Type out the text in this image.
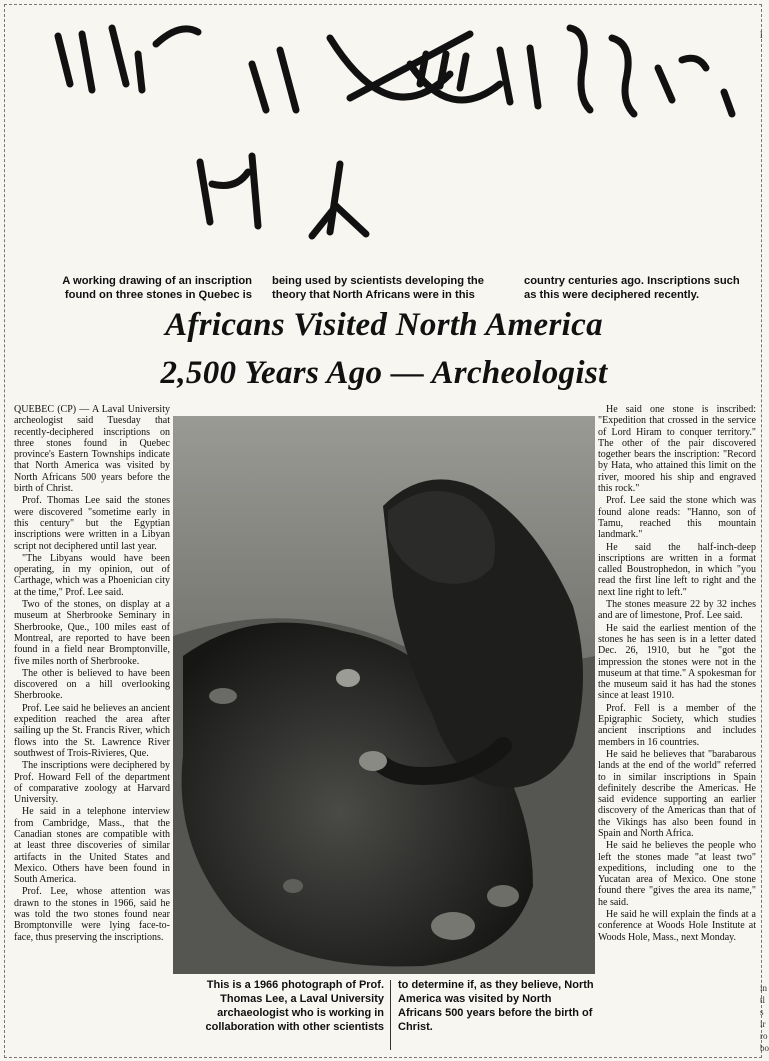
A working drawing of an inscription found on three stones in Quebec is
being used by scientists developing the theory that North Africans were in this
country centuries ago. Inscriptions such as this were deciphered recently.
Africans Visited North America
2,500 Years Ago — Archeologist

QUEBEC (CP) — A Laval University archeologist said Tuesday that recently-deciphered inscriptions on three stones found in Quebec province's Eastern Townships indicate that North America was visited by North Africans 500 years before the birth of Christ.

Prof. Thomas Lee said the stones were discovered "sometime early in this century" but the Egyptian inscriptions were written in a Libyan script not deciphered until last year.

"The Libyans would have been operating, in my opinion, out of Carthage, which was a Phoenician city at the time," Prof. Lee said.

Two of the stones, on display at a museum at Sherbrooke Seminary in Sherbrooke, Que., 100 miles east of Montreal, are reported to have been found in a field near Bromptonville, five miles north of Sherbrooke.

The other is believed to have been discovered on a hill overlooking Sherbrooke.

Prof. Lee said he believes an ancient expedition reached the area after sailing up the St. Francis River, which flows into the St. Lawrence River southwest of Trois-Rivieres, Que.

The inscriptions were deciphered by Prof. Howard Fell of the department of comparative zoology at Harvard University.

He said in a telephone interview from Cambridge, Mass., that the Canadian stones are compatible with at least three discoveries of similar artifacts in the United States and Mexico. Others have been found in South America.

Prof. Lee, whose attention was drawn to the stones in 1966, said he was told the two stones found near Bromptonville were lying face-to-face, thus preserving the inscriptions.

This is a 1966 photograph of Prof. Thomas Lee, a Laval University archaeologist who is working in collaboration with other scientists
to determine if, as they believe, North America was visited by North Africans 500 years before the birth of Christ.

He said one stone is inscribed: "Expedition that crossed in the service of Lord Hiram to conquer territory." The other of the pair discovered together bears the inscription: "Record by Hata, who attained this limit on the river, moored his ship and engraved this rock."

Prof. Lee said the stone which was found alone reads: "Hanno, son of Tamu, reached this mountain landmark."

He said the half-inch-deep inscriptions are written in a format called Boustrophedon, in which "you read the first line left to right and the next line right to left."

The stones measure 22 by 32 inches and are of limestone, Prof. Lee said.

He said the earliest mention of the stones he has seen is in a letter dated Dec. 26, 1910, but he "got the impression the stones were not in the museum at that time." A spokesman for the museum said it has had the stones since at least 1910.

Prof. Fell is a member of the Epigraphic Society, which studies ancient inscriptions and includes members in 16 countries.

He said he believes that "barabarous lands at the end of the world" referred to in similar inscriptions in Spain definitely describe the Americas. He said evidence supporting an earlier discovery of the Americas than that of the Vikings has also been found in Spain and North Africa.

He said he believes the people who left the stones made "at least two" expeditions, including one to the Yucatan area of Mexico. One stone found there "gives the area its name," he said.

He said he will explain the finds at a conference at Woods Hole Institute at Woods Hole, Mass., next Monday.

l
in
tl
s
ir
ro
bo
